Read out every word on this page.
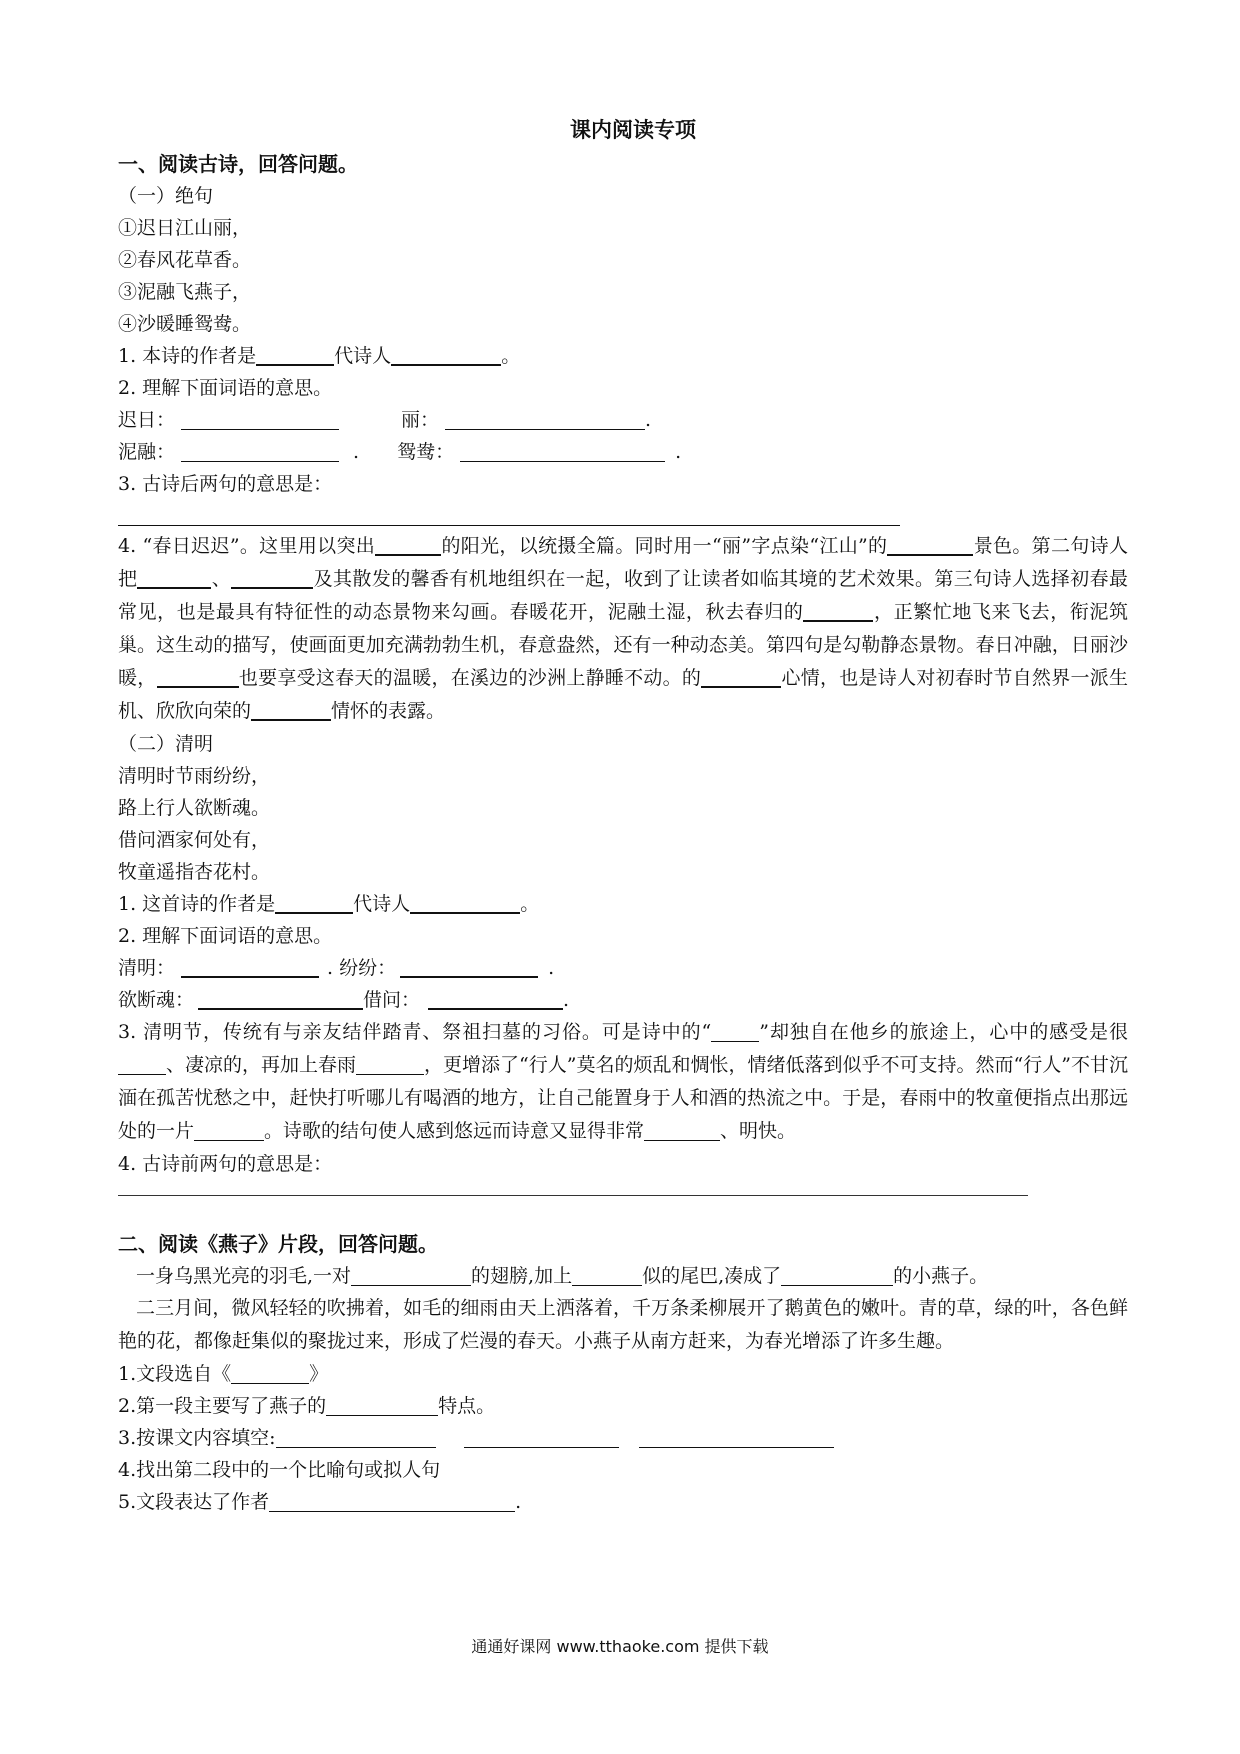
课内阅读专项
一、阅读古诗，回答问题。
（一）绝句
①迟日江山丽，
②春风花草香。
③泥融飞燕子，
④沙暖睡鸳鸯。
1. 本诗的作者是	代诗人	。
2. 理解下面词语的意思。
迟日：	丽：	.
泥融：	. 鸳鸯：	.
3. 古诗后两句的意思是：
4. “春日迟迟”。这里用以突出	的阳光，以统摄全篇。同时用一“丽”字点染“江山”的	景色。第二句诗人把	、	及其散发的馨香有机地组织在一起，收到了让读者如临其境的艺术效果。第三句诗人选择初春最常见，也是最具有特征性的动态景物来勾画。春暖花开，泥融土湿，秋去春归的	，正繁忙地飞来飞去，衔泥筑巢。这生动的描写，使画面更加充满勃勃生机，春意盎然，还有一种动态美。第四句是勾勒静态景物。春日冲融，日丽沙暖，	也要享受这春天的温暖，在溪边的沙洲上静睡不动。的	心情，也是诗人对初春时节自然界一派生机、欣欣向荣的	情怀的表露。
（二）清明
清明时节雨纷纷，
路上行人欲断魂。
借问酒家何处有，
牧童遥指杏花村。
1. 这首诗的作者是	代诗人	。
2. 理解下面词语的意思。
清明：	. 纷纷：	.
欲断魂：	借问：	.
3. 清明节，传统有与亲友结伴踏青、祭祖扫墓的习俗。可是诗中的“	”却独自在他乡的旅途上，心中的感受是很、凄凉的，再加上春雨	，更增添了“行人”莫名的烦乱和惆怅，情绪低落到似乎不可支持。然而“行人”不甘沉湎在孤苦忧愁之中，赶快打听哪儿有喝酒的地方，让自己能置身于人和酒的热流之中。于是，春雨中的牧童便指点出那远处的一片	。诗歌的结句使人感到悠远而诗意又显得非常	、明快。
4. 古诗前两句的意思是：
二、阅读《燕子》片段，回答问题。
一身乌黑光亮的羽毛,一对	的翅膀,加上	似的尾巴,凑成了	的小燕子。
二三月间，微风轻轻的吹拂着，如毛的细雨由天上洒落着，千万条柔柳展开了鹅黄色的嫩叶。青的草，绿的叶，各色鲜艳的花，都像赶集似的聚拢过来，形成了烂漫的春天。小燕子从南方赶来，为春光增添了许多生趣。
1.文段选自《	》
2.第一段主要写了燕子的	特点。
3.按课文内容填空:
4.找出第二段中的一个比喻句或拟人句
5.文段表达了作者	.
通通好课网 www.tthaoke.com 提供下载
